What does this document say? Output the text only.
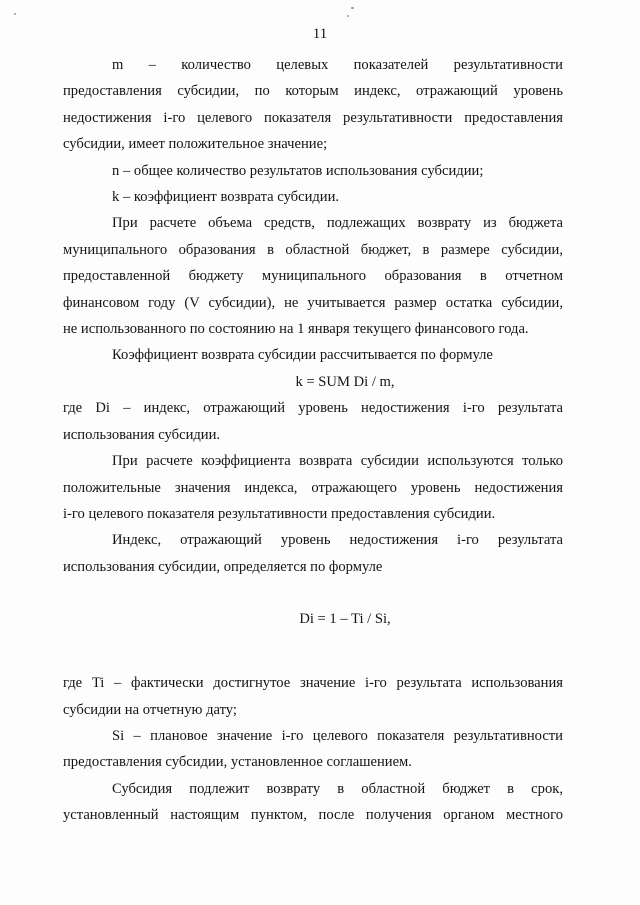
11

m – количество целевых показателей результативности

предоставления субсидии, по которым индекс, отражающий уровень

недостижения i-го целевого показателя результативности предоставления

субсидии, имеет положительное значение;

n – общее количество результатов использования субсидии;

k – коэффициент возврата субсидии.

При расчете объема средств, подлежащих возврату из бюджета

муниципального образования в областной бюджет, в размере субсидии,

предоставленной бюджету муниципального образования в отчетном

финансовом году (V субсидии), не учитывается размер остатка субсидии,

не использованного по состоянию на 1 января текущего финансового года.

Коэффициент возврата субсидии рассчитывается по формуле

k = SUM Di / m,

где Di – индекс, отражающий уровень недостижения i-го результата

использования субсидии.

При расчете коэффициента возврата субсидии используются только

положительные значения индекса, отражающего уровень недостижения

i-го целевого показателя результативности предоставления субсидии.

Индекс, отражающий уровень недостижения i-го результата

использования субсидии, определяется по формуле

Di = 1 – Ti / Si,

где Ti – фактически достигнутое значение i-го результата использования

субсидии на отчетную дату;

Si – плановое значение i-го целевого показателя результативности

предоставления субсидии, установленное соглашением.

Субсидия подлежит возврату в областной бюджет в срок,

установленный настоящим пунктом, после получения органом местного
